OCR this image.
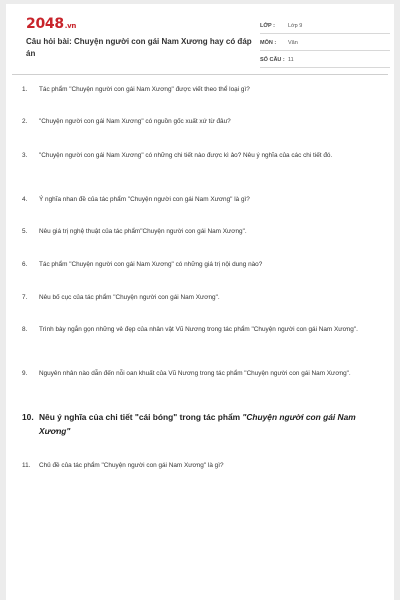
2048.vn
Câu hỏi bài: Chuyện người con gái Nam Xương hay có đáp án
LỚP :	Lớp 9
MÔN :	Văn
SỐ CÂU : 11
1.	Tác phẩm "Chuyện người con gái Nam Xương" được viết theo thể loại gì?
2.	"Chuyện người con gái Nam Xương" có nguồn gốc xuất xứ từ đâu?
3.	"Chuyện người con gái Nam Xương" có những chi tiết nào được kì ảo? Nêu ý nghĩa của các chi tiết đó.
4.	Ý nghĩa nhan đề của tác phẩm "Chuyện người con gái Nam Xương" là gì?
5.	Nêu giá trị nghệ thuật của tác phẩm"Chuyện người con gái Nam Xương".
6.	Tác phẩm "Chuyện người con gái Nam Xương" có những giá trị nội dung nào?
7.	Nêu bố cục của tác phẩm "Chuyện người con gái Nam Xương".
8.	Trình bày ngắn gọn những vẻ đẹp của nhân vật Vũ Nương trong tác phẩm "Chuyện người con gái Nam Xương".
9.	Nguyên nhân nào dẫn đến nỗi oan khuất của Vũ Nương trong tác phẩm "Chuyện người con gái Nam Xương".
10. Nêu ý nghĩa của chi tiết "cái bóng" trong tác phẩm "Chuyện người con gái Nam Xương"
11.	Chủ đề của tác phẩm "Chuyện người con gái Nam Xương" là gì?
